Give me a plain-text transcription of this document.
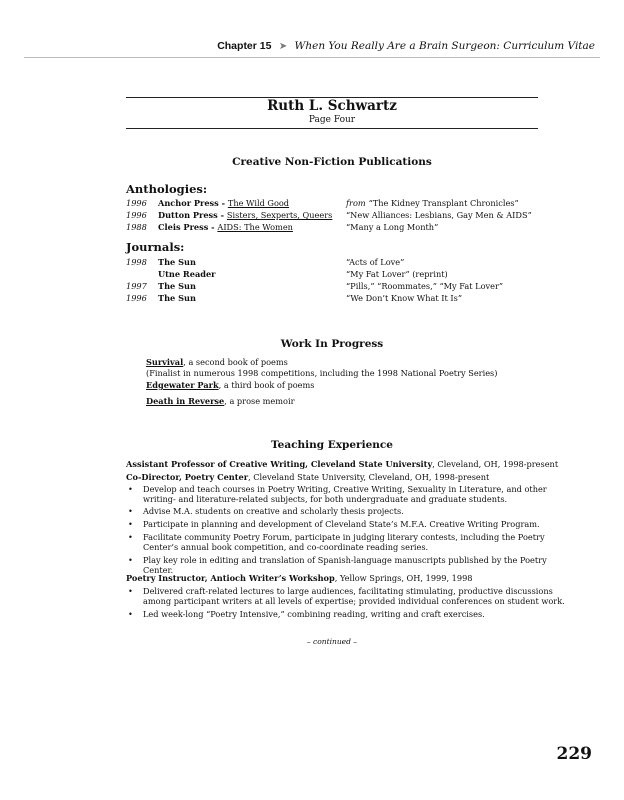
Chapter 15 ➤ When You Really Are a Brain Surgeon: Curriculum Vitae
Ruth L. Schwartz
Page Four
Creative Non-Fiction Publications
Anthologies:
1996 Anchor Press - The Wild Good	from “The Kidney Transplant Chronicles”
1996 Dutton Press - Sisters, Sexperts, Queers “New Alliances: Lesbians, Gay Men & AIDS”
1988 Cleis Press - AIDS: The Women	“Many a Long Month”
Journals:
1998 The Sun	“Acts of Love”
Utne Reader	“My Fat Lover” (reprint)
1997 The Sun	“Pills,” “Roommates,” “My Fat Lover”
1996 The Sun	“We Don’t Know What It Is”
Work In Progress
Survival, a second book of poems
(Finalist in numerous 1998 competitions, including the 1998 National Poetry Series)
Edgewater Park, a third book of poems
Death in Reverse, a prose memoir
Teaching Experience
Assistant Professor of Creative Writing, Cleveland State University, Cleveland, OH, 1998-present
Co-Director, Poetry Center, Cleveland State University, Cleveland, OH, 1998-present
• Develop and teach courses in Poetry Writing, Creative Writing, Sexuality in Literature, and other writing- and literature-related subjects, for both undergraduate and graduate students.
• Advise M.A. students on creative and scholarly thesis projects.
• Participate in planning and development of Cleveland State’s M.F.A. Creative Writing Program.
• Facilitate community Poetry Forum, participate in judging literary contests, including the Poetry Center’s annual book competition, and co-coordinate reading series.
• Play key role in editing and translation of Spanish-language manuscripts published by the Poetry Center.
Poetry Instructor, Antioch Writer’s Workshop, Yellow Springs, OH, 1999, 1998
• Delivered craft-related lectures to large audiences, facilitating stimulating, productive discussions among participant writers at all levels of expertise; provided individual conferences on student work.
• Led week-long “Poetry Intensive,” combining reading, writing and craft exercises.
– continued –
229
